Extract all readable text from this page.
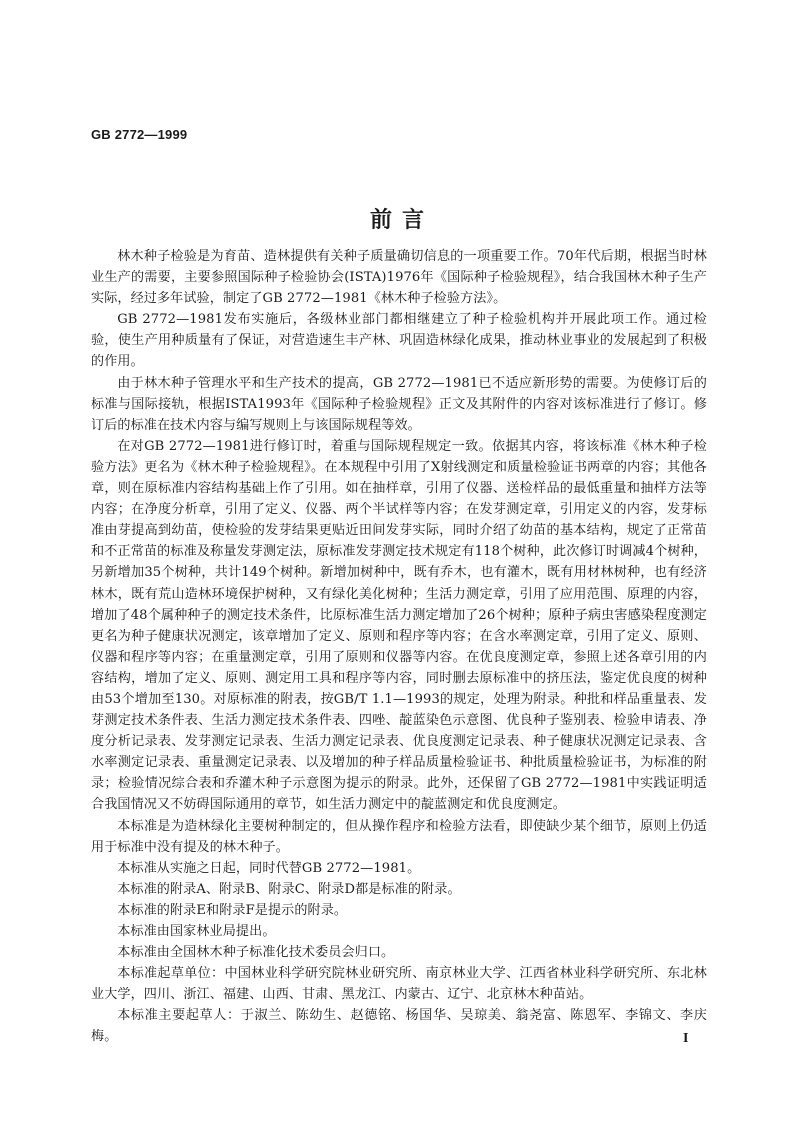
GB 2772—1999
前 言

林木种子检验是为育苗、造林提供有关种子质量确切信息的一项重要工作。70年代后期，根据当时林业生产的需要，主要参照国际种子检验协会(ISTA)1976年《国际种子检验规程》，结合我国林木种子生产实际，经过多年试验，制定了GB 2772—1981《林木种子检验方法》。

GB 2772—1981发布实施后，各级林业部门都相继建立了种子检验机构并开展此项工作。通过检验，使生产用种质量有了保证，对营造速生丰产林、巩固造林绿化成果，推动林业事业的发展起到了积极的作用。

由于林木种子管理水平和生产技术的提高，GB 2772—1981已不适应新形势的需要。为使修订后的标准与国际接轨，根据ISTA1993年《国际种子检验规程》正文及其附件的内容对该标准进行了修订。修订后的标准在技术内容与编写规则上与该国际规程等效。

在对GB 2772—1981进行修订时，着重与国际规程规定一致。依据其内容，将该标准《林木种子检验方法》更名为《林木种子检验规程》。在本规程中引用了X射线测定和质量检验证书两章的内容；其他各章，则在原标准内容结构基础上作了引用。如在抽样章，引用了仪器、送检样品的最低重量和抽样方法等内容；在净度分析章，引用了定义、仪器、两个半试样等内容；在发芽测定章，引用定义的内容，发芽标准由芽提高到幼苗，使检验的发芽结果更贴近田间发芽实际，同时介绍了幼苗的基本结构，规定了正常苗和不正常苗的标准及称量发芽测定法，原标准发芽测定技术规定有118个树种，此次修订时调减4个树种，另新增加35个树种，共计149个树种。新增加树种中，既有乔木，也有灌木，既有用材林树种，也有经济林木，既有荒山造林环境保护树种，又有绿化美化树种；生活力测定章，引用了应用范围、原理的内容，增加了48个属种种子的测定技术条件，比原标准生活力测定增加了26个树种；原种子病虫害感染程度测定更名为种子健康状况测定，该章增加了定义、原则和程序等内容；在含水率测定章，引用了定义、原则、仪器和程序等内容；在重量测定章，引用了原则和仪器等内容。在优良度测定章，参照上述各章引用的内容结构，增加了定义、原则、测定用工具和程序等内容，同时删去原标准中的挤压法，鉴定优良度的树种由53个增加至130。对原标准的附表，按GB/T 1.1—1993的规定，处理为附录。种批和样品重量表、发芽测定技术条件表、生活力测定技术条件表、四唑、靛蓝染色示意图、优良种子鉴别表、检验申请表、净度分析记录表、发芽测定记录表、生活力测定记录表、优良度测定记录表、种子健康状况测定记录表、含水率测定记录表、重量测定记录表、以及增加的种子样品质量检验证书、种批质量检验证书，为标准的附录；检验情况综合表和乔灌木种子示意图为提示的附录。此外，还保留了GB 2772—1981中实践证明适合我国情况又不妨碍国际通用的章节，如生活力测定中的靛蓝测定和优良度测定。

本标准是为造林绿化主要树种制定的，但从操作程序和检验方法看，即使缺少某个细节，原则上仍适用于标准中没有提及的林木种子。

本标准从实施之日起，同时代替GB 2772—1981。

本标准的附录A、附录B、附录C、附录D都是标准的附录。

本标准的附录E和附录F是提示的附录。

本标准由国家林业局提出。

本标准由全国林木种子标准化技术委员会归口。

本标准起草单位：中国林业科学研究院林业研究所、南京林业大学、江西省林业科学研究所、东北林业大学，四川、浙江、福建、山西、甘肃、黑龙江、内蒙古、辽宁、北京林木种苗站。

本标准主要起草人：于淑兰、陈幼生、赵德铭、杨国华、吴琼美、翁尧富、陈恩军、李锦文、李庆梅。	I
